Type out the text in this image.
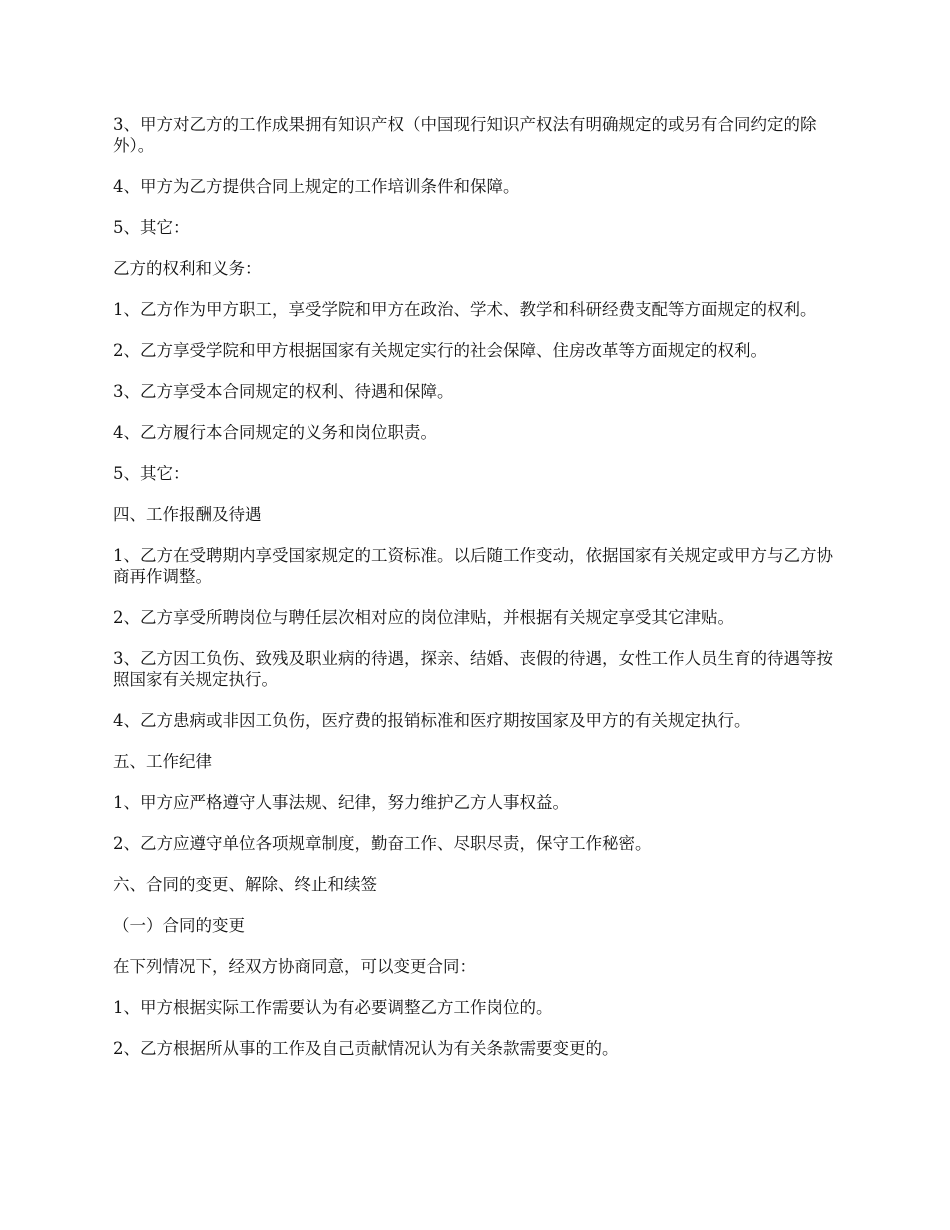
3、甲方对乙方的工作成果拥有知识产权（中国现行知识产权法有明确规定的或另有合同约定的除外）。

4、甲方为乙方提供合同上规定的工作培训条件和保障。

5、其它：

乙方的权利和义务：

1、乙方作为甲方职工，享受学院和甲方在政治、学术、教学和科研经费支配等方面规定的权利。

2、乙方享受学院和甲方根据国家有关规定实行的社会保障、住房改革等方面规定的权利。

3、乙方享受本合同规定的权利、待遇和保障。

4、乙方履行本合同规定的义务和岗位职责。

5、其它：

四、工作报酬及待遇

1、乙方在受聘期内享受国家规定的工资标准。以后随工作变动，依据国家有关规定或甲方与乙方协商再作调整。

2、乙方享受所聘岗位与聘任层次相对应的岗位津贴，并根据有关规定享受其它津贴。

3、乙方因工负伤、致残及职业病的待遇，探亲、结婚、丧假的待遇，女性工作人员生育的待遇等按照国家有关规定执行。

4、乙方患病或非因工负伤，医疗费的报销标准和医疗期按国家及甲方的有关规定执行。

五、工作纪律

1、甲方应严格遵守人事法规、纪律，努力维护乙方人事权益。

2、乙方应遵守单位各项规章制度，勤奋工作、尽职尽责，保守工作秘密。

六、合同的变更、解除、终止和续签

（一）合同的变更

在下列情况下，经双方协商同意，可以变更合同：

1、甲方根据实际工作需要认为有必要调整乙方工作岗位的。

2、乙方根据所从事的工作及自己贡献情况认为有关条款需要变更的。
